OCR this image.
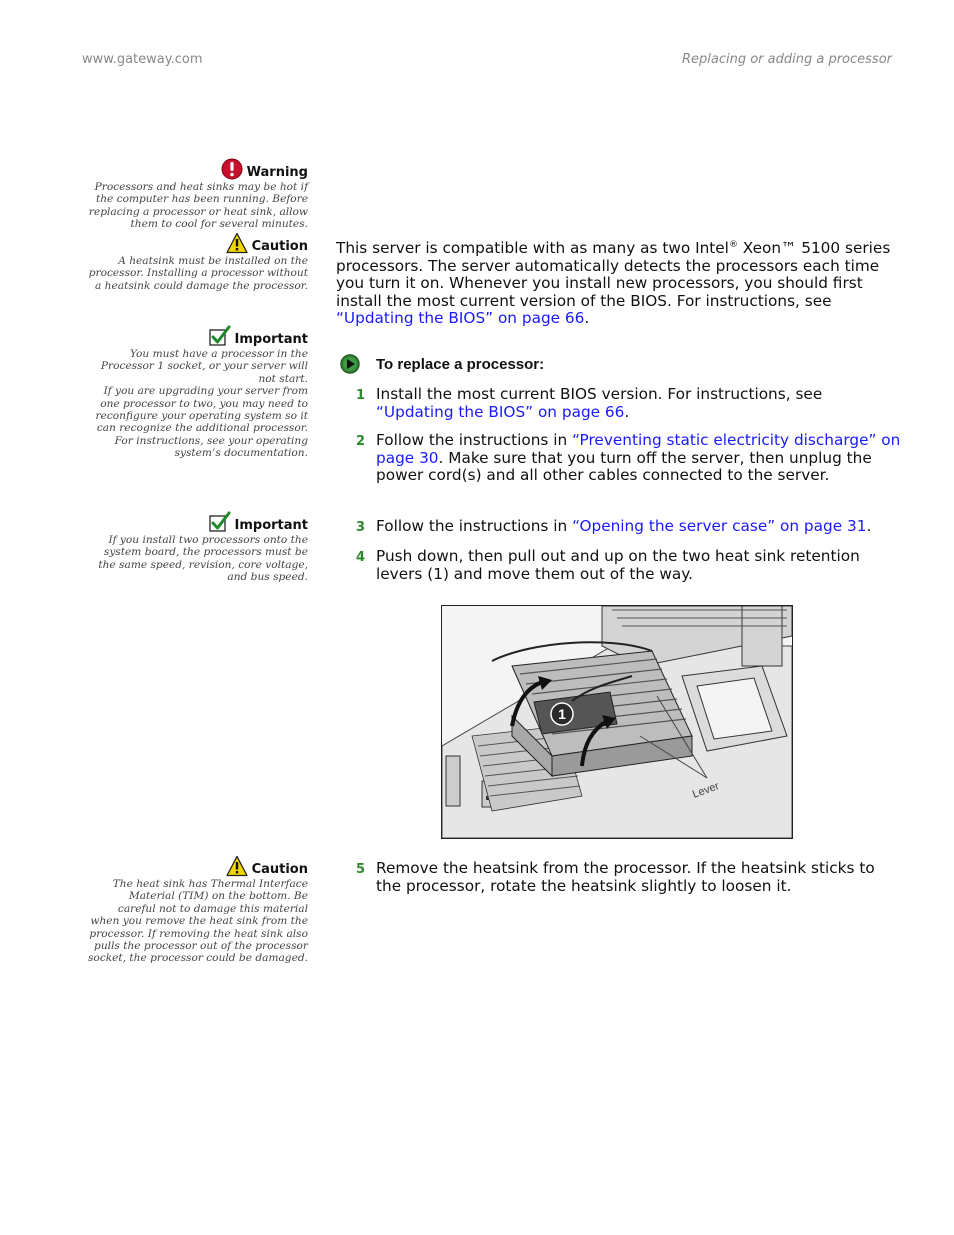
www.gateway.com	Replacing or adding a processor
Warning
Processors and heat sinks may be hot if the computer has been running. Before replacing a processor or heat sink, allow them to cool for several minutes.
Caution
A heatsink must be installed on the processor. Installing a processor without a heatsink could damage the processor.
Important

You must have a processor in the Processor 1 socket, or your server will not start.

If you are upgrading your server from one processor to two, you may need to reconfigure your operating system so it can recognize the additional processor. For instructions, see your operating system’s documentation.

Important
If you install two processors onto the system board, the processors must be the same speed, revision, core voltage, and bus speed.
Caution
The heat sink has Thermal Interface Material (TIM) on the bottom. Be careful not to damage this material when you remove the heat sink from the processor. If removing the heat sink also pulls the processor out of the processor socket, the processor could be damaged.
This server is compatible with as many as two Intel® Xeon™ 5100 series processors. The server automatically detects the processors each time you turn it on. Whenever you install new processors, you should first install the most current version of the BIOS. For instructions, see “Updating the BIOS” on page 66.
To replace a processor:
1 Install the most current BIOS version. For instructions, see “Updating the BIOS” on page 66.
2 Follow the instructions in “Preventing static electricity discharge” on page 30. Make sure that you turn off the server, then unplug the power cord(s) and all other cables connected to the server.
3 Follow the instructions in “Opening the server case” on page 31.
4 Push down, then pull out and up on the two heat sink retention levers (1) and move them out of the way.
1
Lever
5 Remove the heatsink from the processor. If the heatsink sticks to the processor, rotate the heatsink slightly to loosen it.
